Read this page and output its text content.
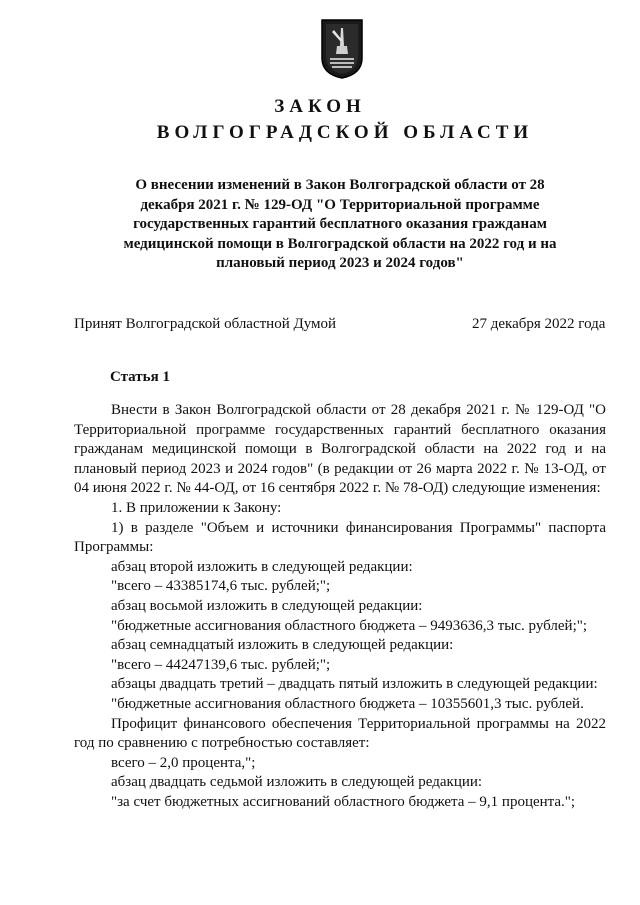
ЗАКОН
ВОЛГОГРАДСКОЙ ОБЛАСТИ
О внесении изменений в Закон Волгоградской области от 28 декабря 2021 г. № 129-ОД "О Территориальной программе государственных гарантий бесплатного оказания гражданам медицинской помощи в Волгоградской области на 2022 год и на плановый период 2023 и 2024 годов"
Принят Волгоградской областной Думой	27 декабря 2022 года
Статья 1

Внести в Закон Волгоградской области от 28 декабря 2021 г. № 129-ОД "О Территориальной программе государственных гарантий бесплатного оказания гражданам медицинской помощи в Волгоградской области на 2022 год и на плановый период 2023 и 2024 годов" (в редакции от 26 марта 2022 г. № 13-ОД, от 04 июня 2022 г. № 44-ОД, от 16 сентября 2022 г. № 78-ОД) следующие изменения:

1. В приложении к Закону:

1) в разделе "Объем и источники финансирования Программы" паспорта Программы:

абзац второй изложить в следующей редакции:

"всего – 43385174,6 тыс. рублей;";

абзац восьмой изложить в следующей редакции:

"бюджетные ассигнования областного бюджета – 9493636,3 тыс. рублей;";

абзац семнадцатый изложить в следующей редакции:

"всего – 44247139,6 тыс. рублей;";

абзацы двадцать третий – двадцать пятый изложить в следующей редакции:

"бюджетные ассигнования областного бюджета – 10355601,3 тыс. рублей.

Профицит финансового обеспечения Территориальной программы на 2022 год по сравнению с потребностью составляет:

всего – 2,0 процента,";

абзац двадцать седьмой изложить в следующей редакции:

"за счет бюджетных ассигнований областного бюджета – 9,1 процента.";
